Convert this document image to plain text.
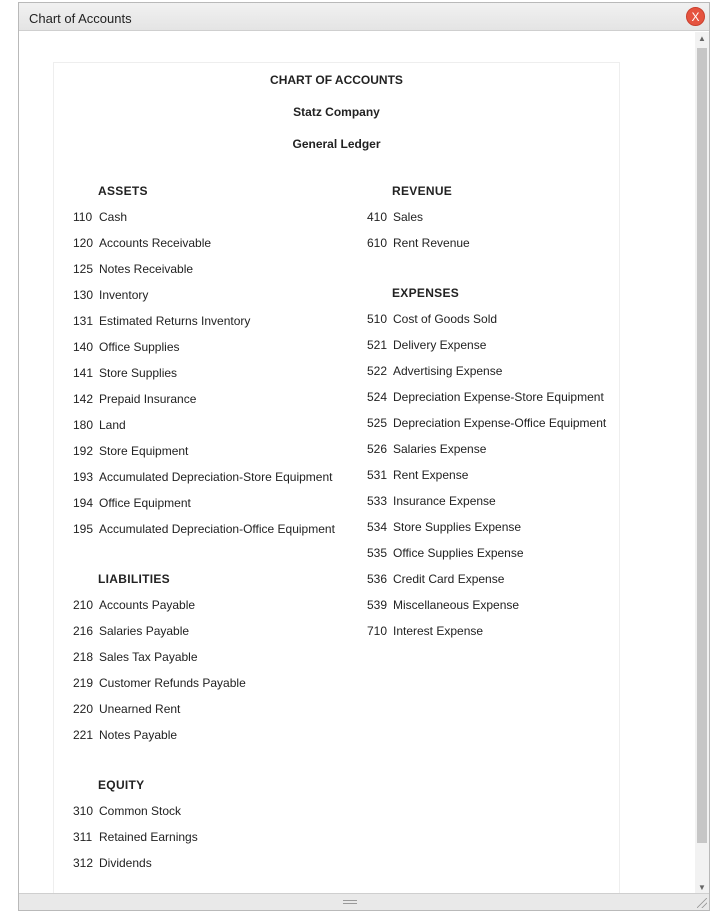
Chart of Accounts	X
CHART OF ACCOUNTS
Statz Company
General Ledger
ASSETS
110 Cash
120 Accounts Receivable
125 Notes Receivable
130 Inventory
131 Estimated Returns Inventory
140 Office Supplies
141 Store Supplies
142 Prepaid Insurance
180 Land
192 Store Equipment
193 Accumulated Depreciation-Store Equipment
194 Office Equipment
195 Accumulated Depreciation-Office Equipment
LIABILITIES
210 Accounts Payable
216 Salaries Payable
218 Sales Tax Payable
219 Customer Refunds Payable
220 Unearned Rent
221 Notes Payable
EQUITY
310 Common Stock
311 Retained Earnings
312 Dividends
REVENUE
410 Sales
610 Rent Revenue
EXPENSES
510 Cost of Goods Sold
521 Delivery Expense
522 Advertising Expense
524 Depreciation Expense-Store Equipment
525 Depreciation Expense-Office Equipment
526 Salaries Expense
531 Rent Expense
533 Insurance Expense
534 Store Supplies Expense
535 Office Supplies Expense
536 Credit Card Expense
539 Miscellaneous Expense
710 Interest Expense
▲
▼
